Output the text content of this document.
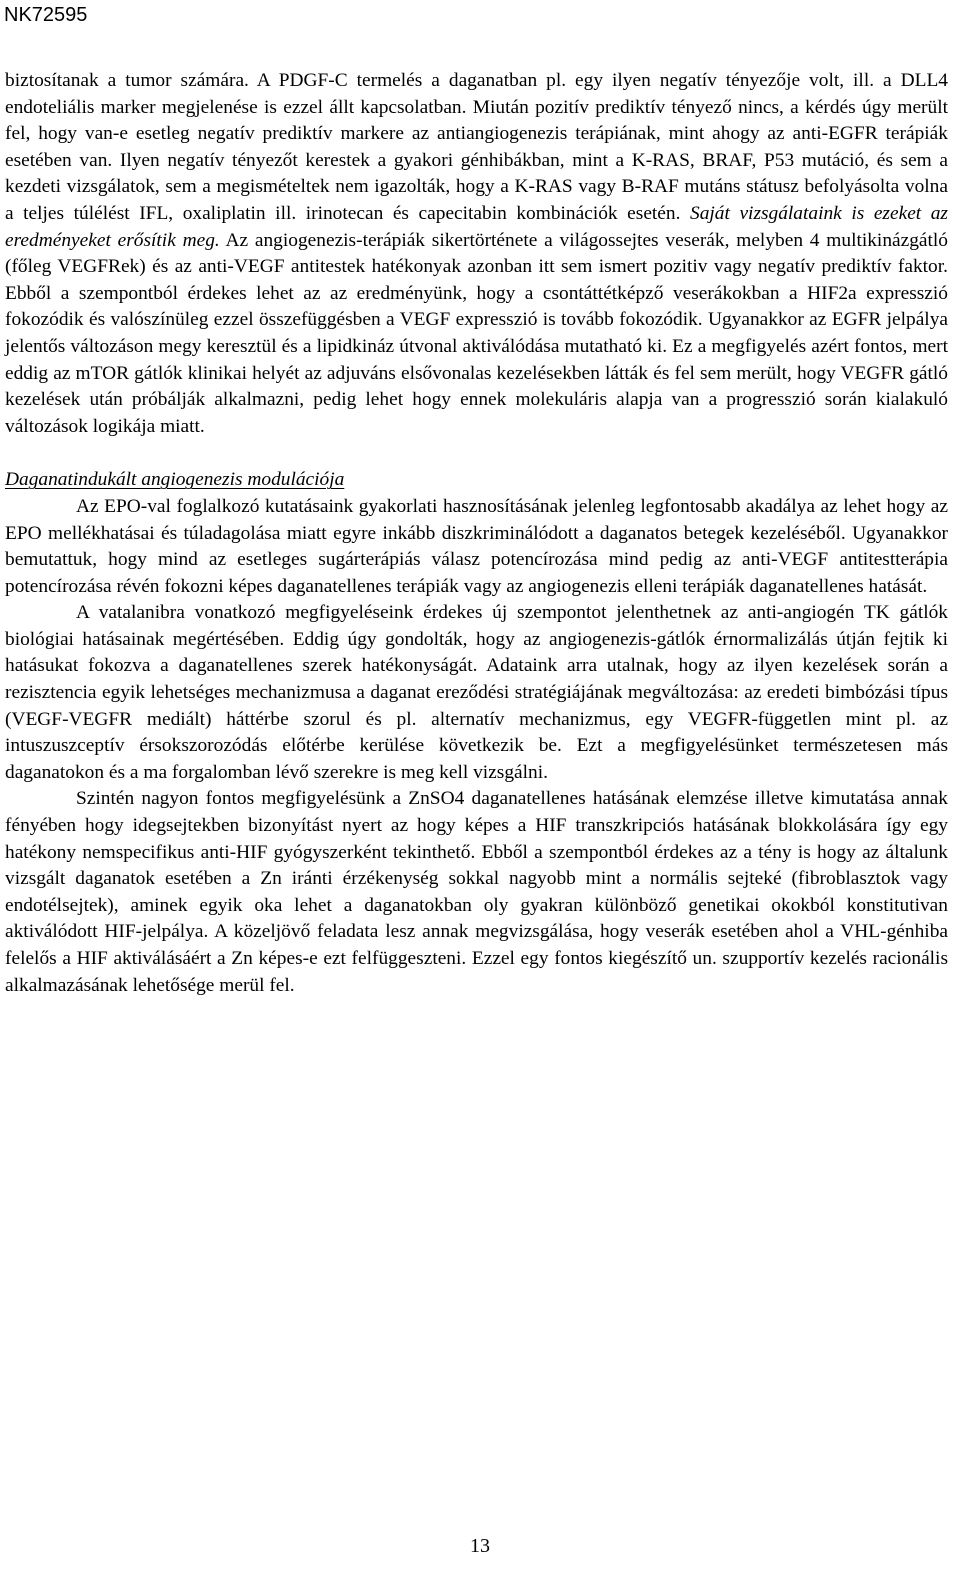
NK72595

biztosítanak a tumor számára. A PDGF-C termelés a daganatban pl. egy ilyen negatív tényezője volt, ill. a DLL4 endoteliális marker megjelenése is ezzel állt kapcsolatban. Miután pozitív prediktív tényező nincs, a kérdés úgy merült fel, hogy van-e esetleg negatív prediktív markere az antiangiogenezis terápiának, mint ahogy az anti-EGFR terápiák esetében van. Ilyen negatív tényezőt kerestek a gyakori génhibákban, mint a K-RAS, BRAF, P53 mutáció, és sem a kezdeti vizsgálatok, sem a megismételtek nem igazolták, hogy a K-RAS vagy B-RAF mutáns státusz befolyásolta volna a teljes túlélést IFL, oxaliplatin ill. irinotecan és capecitabin kombinációk esetén. Saját vizsgálataink is ezeket az eredményeket erősítik meg. Az angiogenezis-terápiák sikertörténete a világossejtes veserák, melyben 4 multikinázgátló (főleg VEGFRek) és az anti-VEGF antitestek hatékonyak azonban itt sem ismert pozitiv vagy negatív prediktív faktor. Ebből a szempontból érdekes lehet az az eredményünk, hogy a csontáttétképző veserákokban a HIF2a expresszió fokozódik és valószínüleg ezzel összefüggésben a VEGF expresszió is tovább fokozódik. Ugyanakkor az EGFR jelpálya jelentős változáson megy keresztül és a lipidkináz útvonal aktiválódása mutatható ki. Ez a megfigyelés azért fontos, mert eddig az mTOR gátlók klinikai helyét az adjuváns elsővonalas kezelésekben látták és fel sem merült, hogy VEGFR gátló kezelések után próbálják alkalmazni, pedig lehet hogy ennek molekuláris alapja van a progresszió során kialakuló változások logikája miatt.

Daganatindukált angiogenezis modulációja

Az EPO-val foglalkozó kutatásaink gyakorlati hasznosításának jelenleg legfontosabb akadálya az lehet hogy az EPO mellékhatásai és túladagolása miatt egyre inkább diszkriminálódott a daganatos betegek kezeléséből. Ugyanakkor bemutattuk, hogy mind az esetleges sugárterápiás válasz potencírozása mind pedig az anti-VEGF antitestterápia potencírozása révén fokozni képes daganatellenes terápiák vagy az angiogenezis elleni terápiák daganatellenes hatását.

A vatalanibra vonatkozó megfigyeléseink érdekes új szempontot jelenthetnek az anti-angiogén TK gátlók biológiai hatásainak megértésében. Eddig úgy gondolták, hogy az angiogenezis-gátlók érnormalizálás útján fejtik ki hatásukat fokozva a daganatellenes szerek hatékonyságát. Adataink arra utalnak, hogy az ilyen kezelések során a rezisztencia egyik lehetséges mechanizmusa a daganat ereződési stratégiájának megváltozása: az eredeti bimbózási típus (VEGF-VEGFR mediált) háttérbe szorul és pl. alternatív mechanizmus, egy VEGFR-független mint pl. az intuszuszceptív érsokszorozódás előtérbe kerülése következik be. Ezt a megfigyelésünket természetesen más daganatokon és a ma forgalomban lévő szerekre is meg kell vizsgálni.

Szintén nagyon fontos megfigyelésünk a ZnSO4 daganatellenes hatásának elemzése illetve kimutatása annak fényében hogy idegsejtekben bizonyítást nyert az hogy képes a HIF transzkripciós hatásának blokkolására így egy hatékony nemspecifikus anti-HIF gyógyszerként tekinthető. Ebből a szempontból érdekes az a tény is hogy az általunk vizsgált daganatok esetében a Zn iránti érzékenység sokkal nagyobb mint a normális sejteké (fibroblasztok vagy endotélsejtek), aminek egyik oka lehet a daganatokban oly gyakran különböző genetikai okokból konstitutivan aktiválódott HIF-jelpálya. A közeljövő feladata lesz annak megvizsgálása, hogy veserák esetében ahol a VHL-génhiba felelős a HIF aktiválásáért a Zn képes-e ezt felfüggeszteni. Ezzel egy fontos kiegészítő un. szupportív kezelés racionális alkalmazásának lehetősége merül fel.

13
